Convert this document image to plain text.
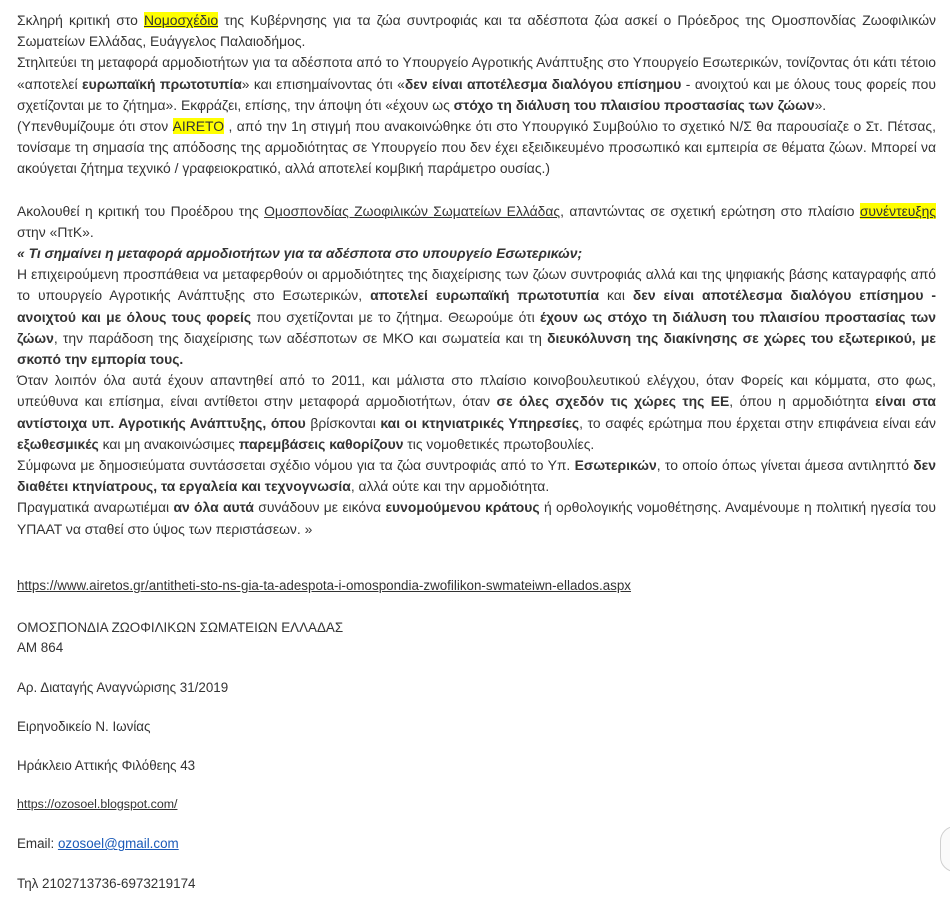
Σκληρή κριτική στο Νομοσχέδιο της Κυβέρνησης για τα ζώα συντροφιάς και τα αδέσποτα ζώα ασκεί ο Πρόεδρος της Ομοσπονδίας Ζωοφιλικών Σωματείων Ελλάδας, Ευάγγελος Παλαιοδήμος.

Στηλιτεύει τη μεταφορά αρμοδιοτήτων για τα αδέσποτα από το Υπουργείο Αγροτικής Ανάπτυξης στο Υπουργείο Εσωτερικών, τονίζοντας ότι κάτι τέτοιο «αποτελεί ευρωπαϊκή πρωτοτυπία» και επισημαίνοντας ότι «δεν είναι αποτέλεσμα διαλόγου επίσημου - ανοιχτού και με όλους τους φορείς που σχετίζονται με το ζήτημα». Εκφράζει, επίσης, την άποψη ότι «έχουν ως στόχο τη διάλυση του πλαισίου προστασίας των ζώων».

(Υπενθυμίζουμε ότι στον AIRETO , από την 1η στιγμή που ανακοινώθηκε ότι στο Υπουργικό Συμβούλιο το σχετικό Ν/Σ θα παρουσίαζε ο Στ. Πέτσας, τονίσαμε τη σημασία της απόδοσης της αρμοδιότητας σε Υπουργείο που δεν έχει εξειδικευμένο προσωπικό και εμπειρία σε θέματα ζώων. Μπορεί να ακούγεται ζήτημα τεχνικό / γραφειοκρατικό, αλλά αποτελεί κομβική παράμετρο ουσίας.)

Ακολουθεί η κριτική του Προέδρου της Ομοσπονδίας Ζωοφιλικών Σωματείων Ελλάδας, απαντώντας σε σχετική ερώτηση στο πλαίσιο συνέντευξης στην «ΠτΚ».

« Τι σημαίνει η μεταφορά αρμοδιοτήτων για τα αδέσποτα στο υπουργείο Εσωτερικών;

Η επιχειρούμενη προσπάθεια να μεταφερθούν οι αρμοδιότητες της διαχείρισης των ζώων συντροφιάς αλλά και της ψηφιακής βάσης καταγραφής από το υπουργείο Αγροτικής Ανάπτυξης στο Εσωτερικών, αποτελεί ευρωπαϊκή πρωτοτυπία και δεν είναι αποτέλεσμα διαλόγου επίσημου - ανοιχτού και με όλους τους φορείς που σχετίζονται με το ζήτημα. Θεωρούμε ότι έχουν ως στόχο τη διάλυση του πλαισίου προστασίας των ζώων, την παράδοση της διαχείρισης των αδέσποτων σε ΜΚΟ και σωματεία και τη διευκόλυνση της διακίνησης σε χώρες του εξωτερικού, με σκοπό την εμπορία τους.

Όταν λοιπόν όλα αυτά έχουν απαντηθεί από το 2011, και μάλιστα στο πλαίσιο κοινοβουλευτικού ελέγχου, όταν Φορείς και κόμματα, στο φως, υπεύθυνα και επίσημα, είναι αντίθετοι στην μεταφορά αρμοδιοτήτων, όταν σε όλες σχεδόν τις χώρες της ΕΕ, όπου η αρμοδιότητα είναι στα αντίστοιχα υπ. Αγροτικής Ανάπτυξης, όπου βρίσκονται και οι κτηνιατρικές Υπηρεσίες, το σαφές ερώτημα που έρχεται στην επιφάνεια είναι εάν εξωθεσμικές και μη ανακοινώσιμες παρεμβάσεις καθορίζουν τις νομοθετικές πρωτοβουλίες.

Σύμφωνα με δημοσιεύματα συντάσσεται σχέδιο νόμου για τα ζώα συντροφιάς από το Υπ. Εσωτερικών, το οποίο όπως γίνεται άμεσα αντιληπτό δεν διαθέτει κτηνίατρους, τα εργαλεία και τεχνογνωσία, αλλά ούτε και την αρμοδιότητα.

Πραγματικά αναρωτιέμαι αν όλα αυτά συνάδουν με εικόνα ευνομούμενου κράτους ή ορθολογικής νομοθέτησης. Αναμένουμε η πολιτική ηγεσία του ΥΠΑΑΤ να σταθεί στο ύψος των περιστάσεων. »

https://www.airetos.gr/antitheti-sto-ns-gia-ta-adespota-i-omospondia-zwofilikon-swmateiwn-ellados.aspx
ΟΜΟΣΠΟΝΔΙΑ ΖΩΟΦΙΛΙΚΩΝ ΣΩΜΑΤΕΙΩΝ ΕΛΛΑΔΑΣ
ΑΜ 864
Αρ. Διαταγής Αναγνώρισης 31/2019
Ειρηνοδικείο Ν. Ιωνίας
Ηράκλειο Αττικής Φιλόθεης 43
https://ozosoel.blogspot.com/
Email: ozosoel@gmail.com
Τηλ 2102713736-6973219174
